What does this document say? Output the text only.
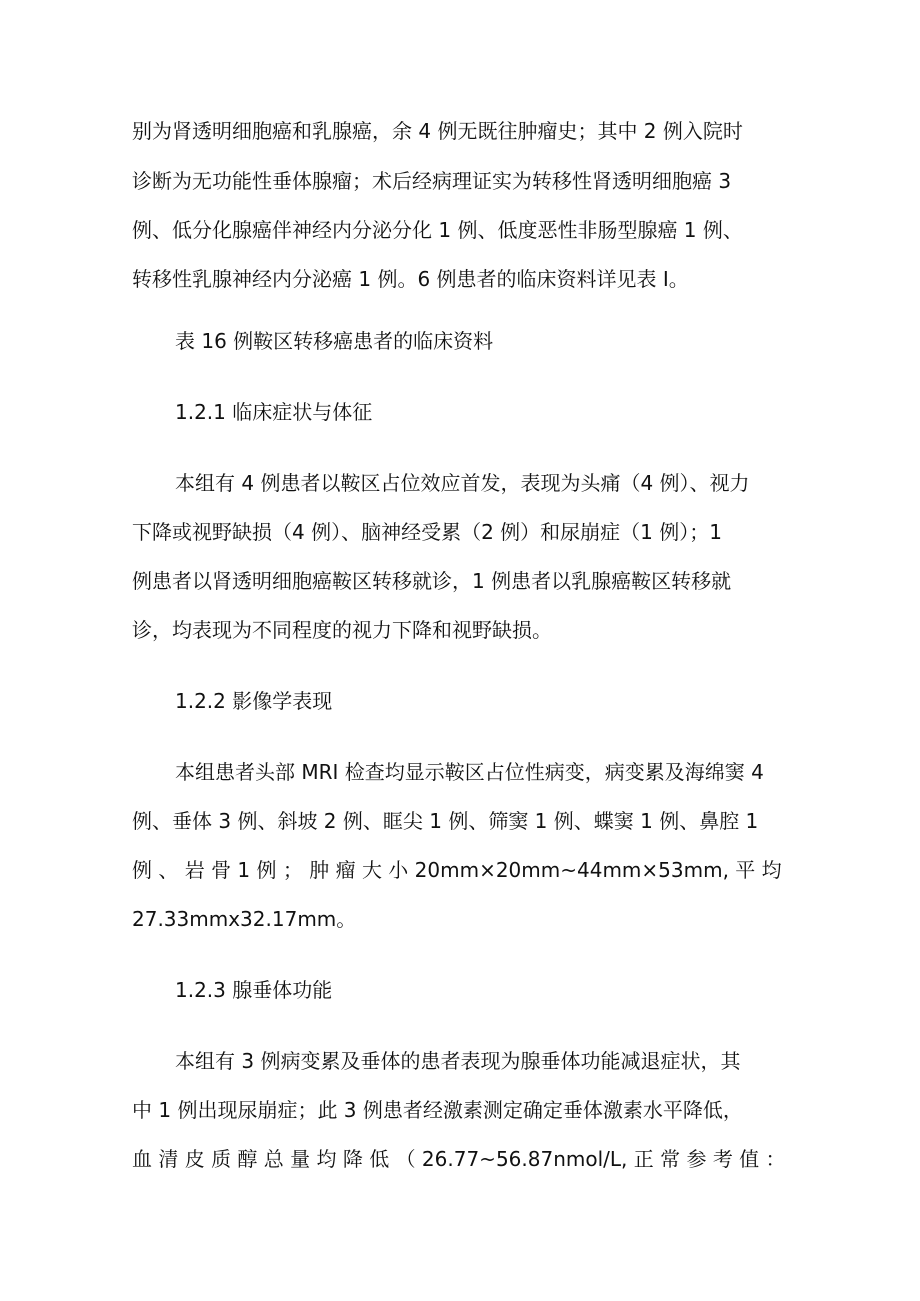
别为肾透明细胞癌和乳腺癌，余 4 例无既往肿瘤史；其中 2 例入院时
诊断为无功能性垂体腺瘤；术后经病理证实为转移性肾透明细胞癌 3
例、低分化腺癌伴神经内分泌分化 1 例、低度恶性非肠型腺癌 1 例、
转移性乳腺神经内分泌癌 1 例。6 例患者的临床资料详见表 I。
表 16 例鞍区转移癌患者的临床资料
1.2.1 临床症状与体征
本组有 4 例患者以鞍区占位效应首发，表现为头痛（4 例）、视力
下降或视野缺损（4 例）、脑神经受累（2 例）和尿崩症（1 例）；1
例患者以肾透明细胞癌鞍区转移就诊，1 例患者以乳腺癌鞍区转移就
诊，均表现为不同程度的视力下降和视野缺损。
1.2.2 影像学表现
本组患者头部 MRI 检查均显示鞍区占位性病变，病变累及海绵窦 4
例、垂体 3 例、斜坡 2 例、眶尖 1 例、筛窦 1 例、蝶窦 1 例、鼻腔 1
例 、 岩 骨 1 例 ； 肿 瘤 大 小 20mm×20mm~44mm×53mm, 平 均
27.33mmx32.17mm。
1.2.3 腺垂体功能
本组有 3 例病变累及垂体的患者表现为腺垂体功能减退症状，其
中 1 例出现尿崩症；此 3 例患者经激素测定确定垂体激素水平降低，
血 清 皮 质 醇 总 量 均 降 低 （ 26.77~56.87nmol/L, 正 常 参 考 值 ：
